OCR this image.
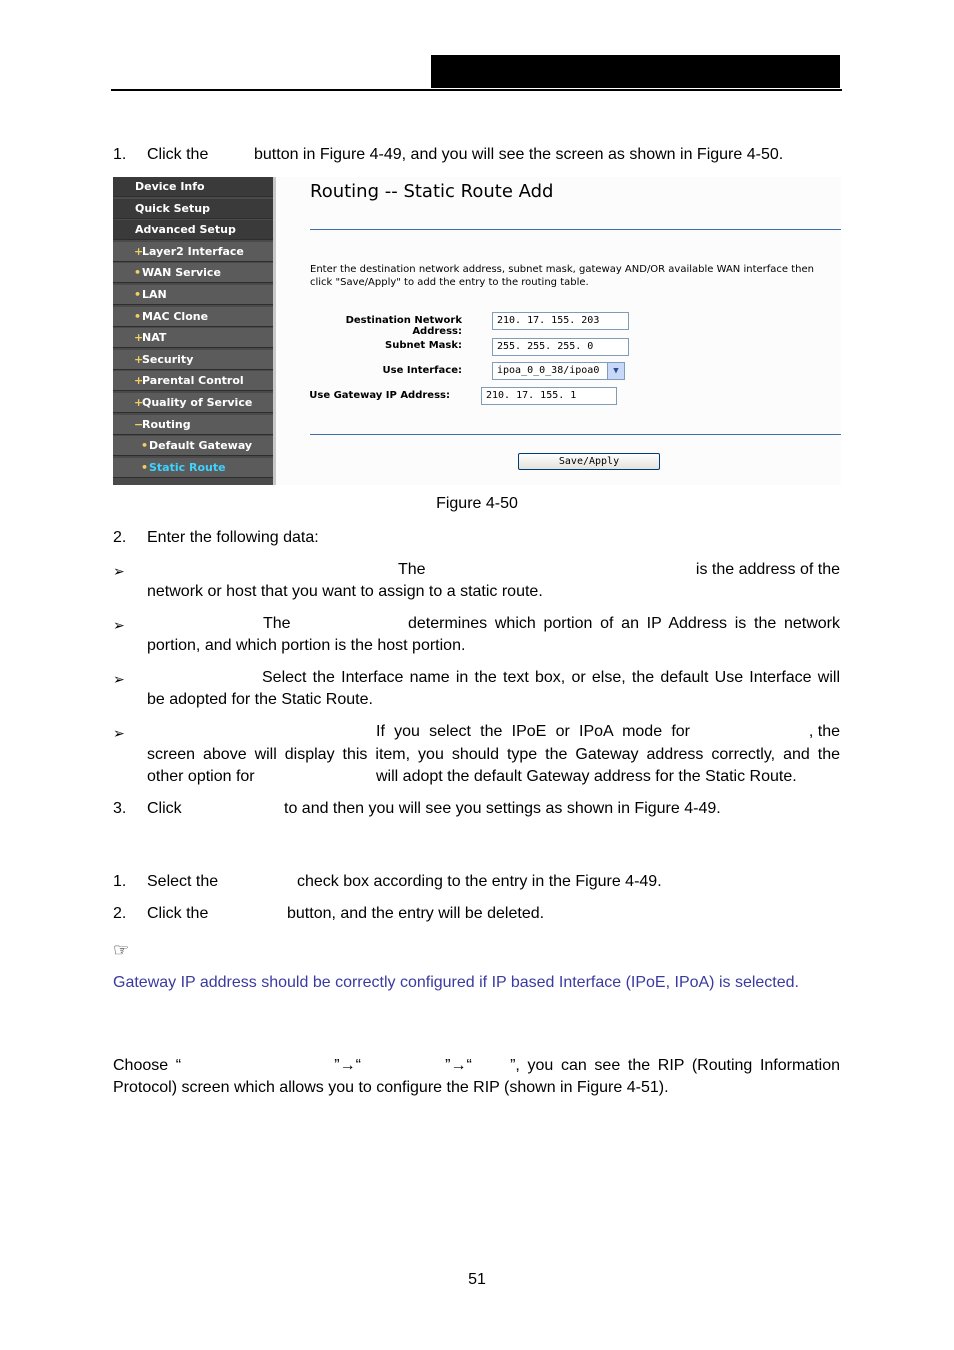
1. Click the	button in Figure 4-49, and you will see the screen as shown in Figure 4-50.
Device Info
Quick Setup
Advanced Setup
+
Layer2 Interface
• WAN Service
• LAN
• MAC Clone
+
NAT
+
Security
+
Parental Control
+
Quality of Service
−
Routing
• Default Gateway
• Static Route
Routing -- Static Route Add
Enter the destination network address, subnet mask, gateway AND/OR available WAN interface then click "Save/Apply" to add the entry to the routing table.
Destination Network Address:
210. 17. 155. 203
Subnet Mask:	255. 255. 255. 0
Use Interface:	ipoa_0_0_38/ipoa0	▼
Use Gateway IP Address:	210. 17. 155. 1
Save/Apply
Figure 4-50
2. Enter the following data:
➢	The	is the address of the
network or host that you want to assign to a static route.
➢	The	determines which portion of an IP Address is the network
portion, and which portion is the host portion.
➢	Select the Interface name in the text box, or else, the default Use Interface will
be adopted for the Static Route.
➢	If you select the IPoE or IPoA mode for	, the
screen above will display this item, you should type the Gateway address correctly, and the
other option for	will adopt the default Gateway address for the Static Route.
3. Click	to and then you will see you settings as shown in Figure 4-49.
1. Select the	check box according to the entry in the Figure 4-49.
2. Click the	button, and the entry will be deleted.
☞
Gateway IP address should be correctly configured if IP based Interface (IPoE, IPoA) is selected.
Choose “                    ”→“           ”→“     ”, you can see the RIP (Routing Information
Protocol) screen which allows you to configure the RIP (shown in Figure 4-51).
51
